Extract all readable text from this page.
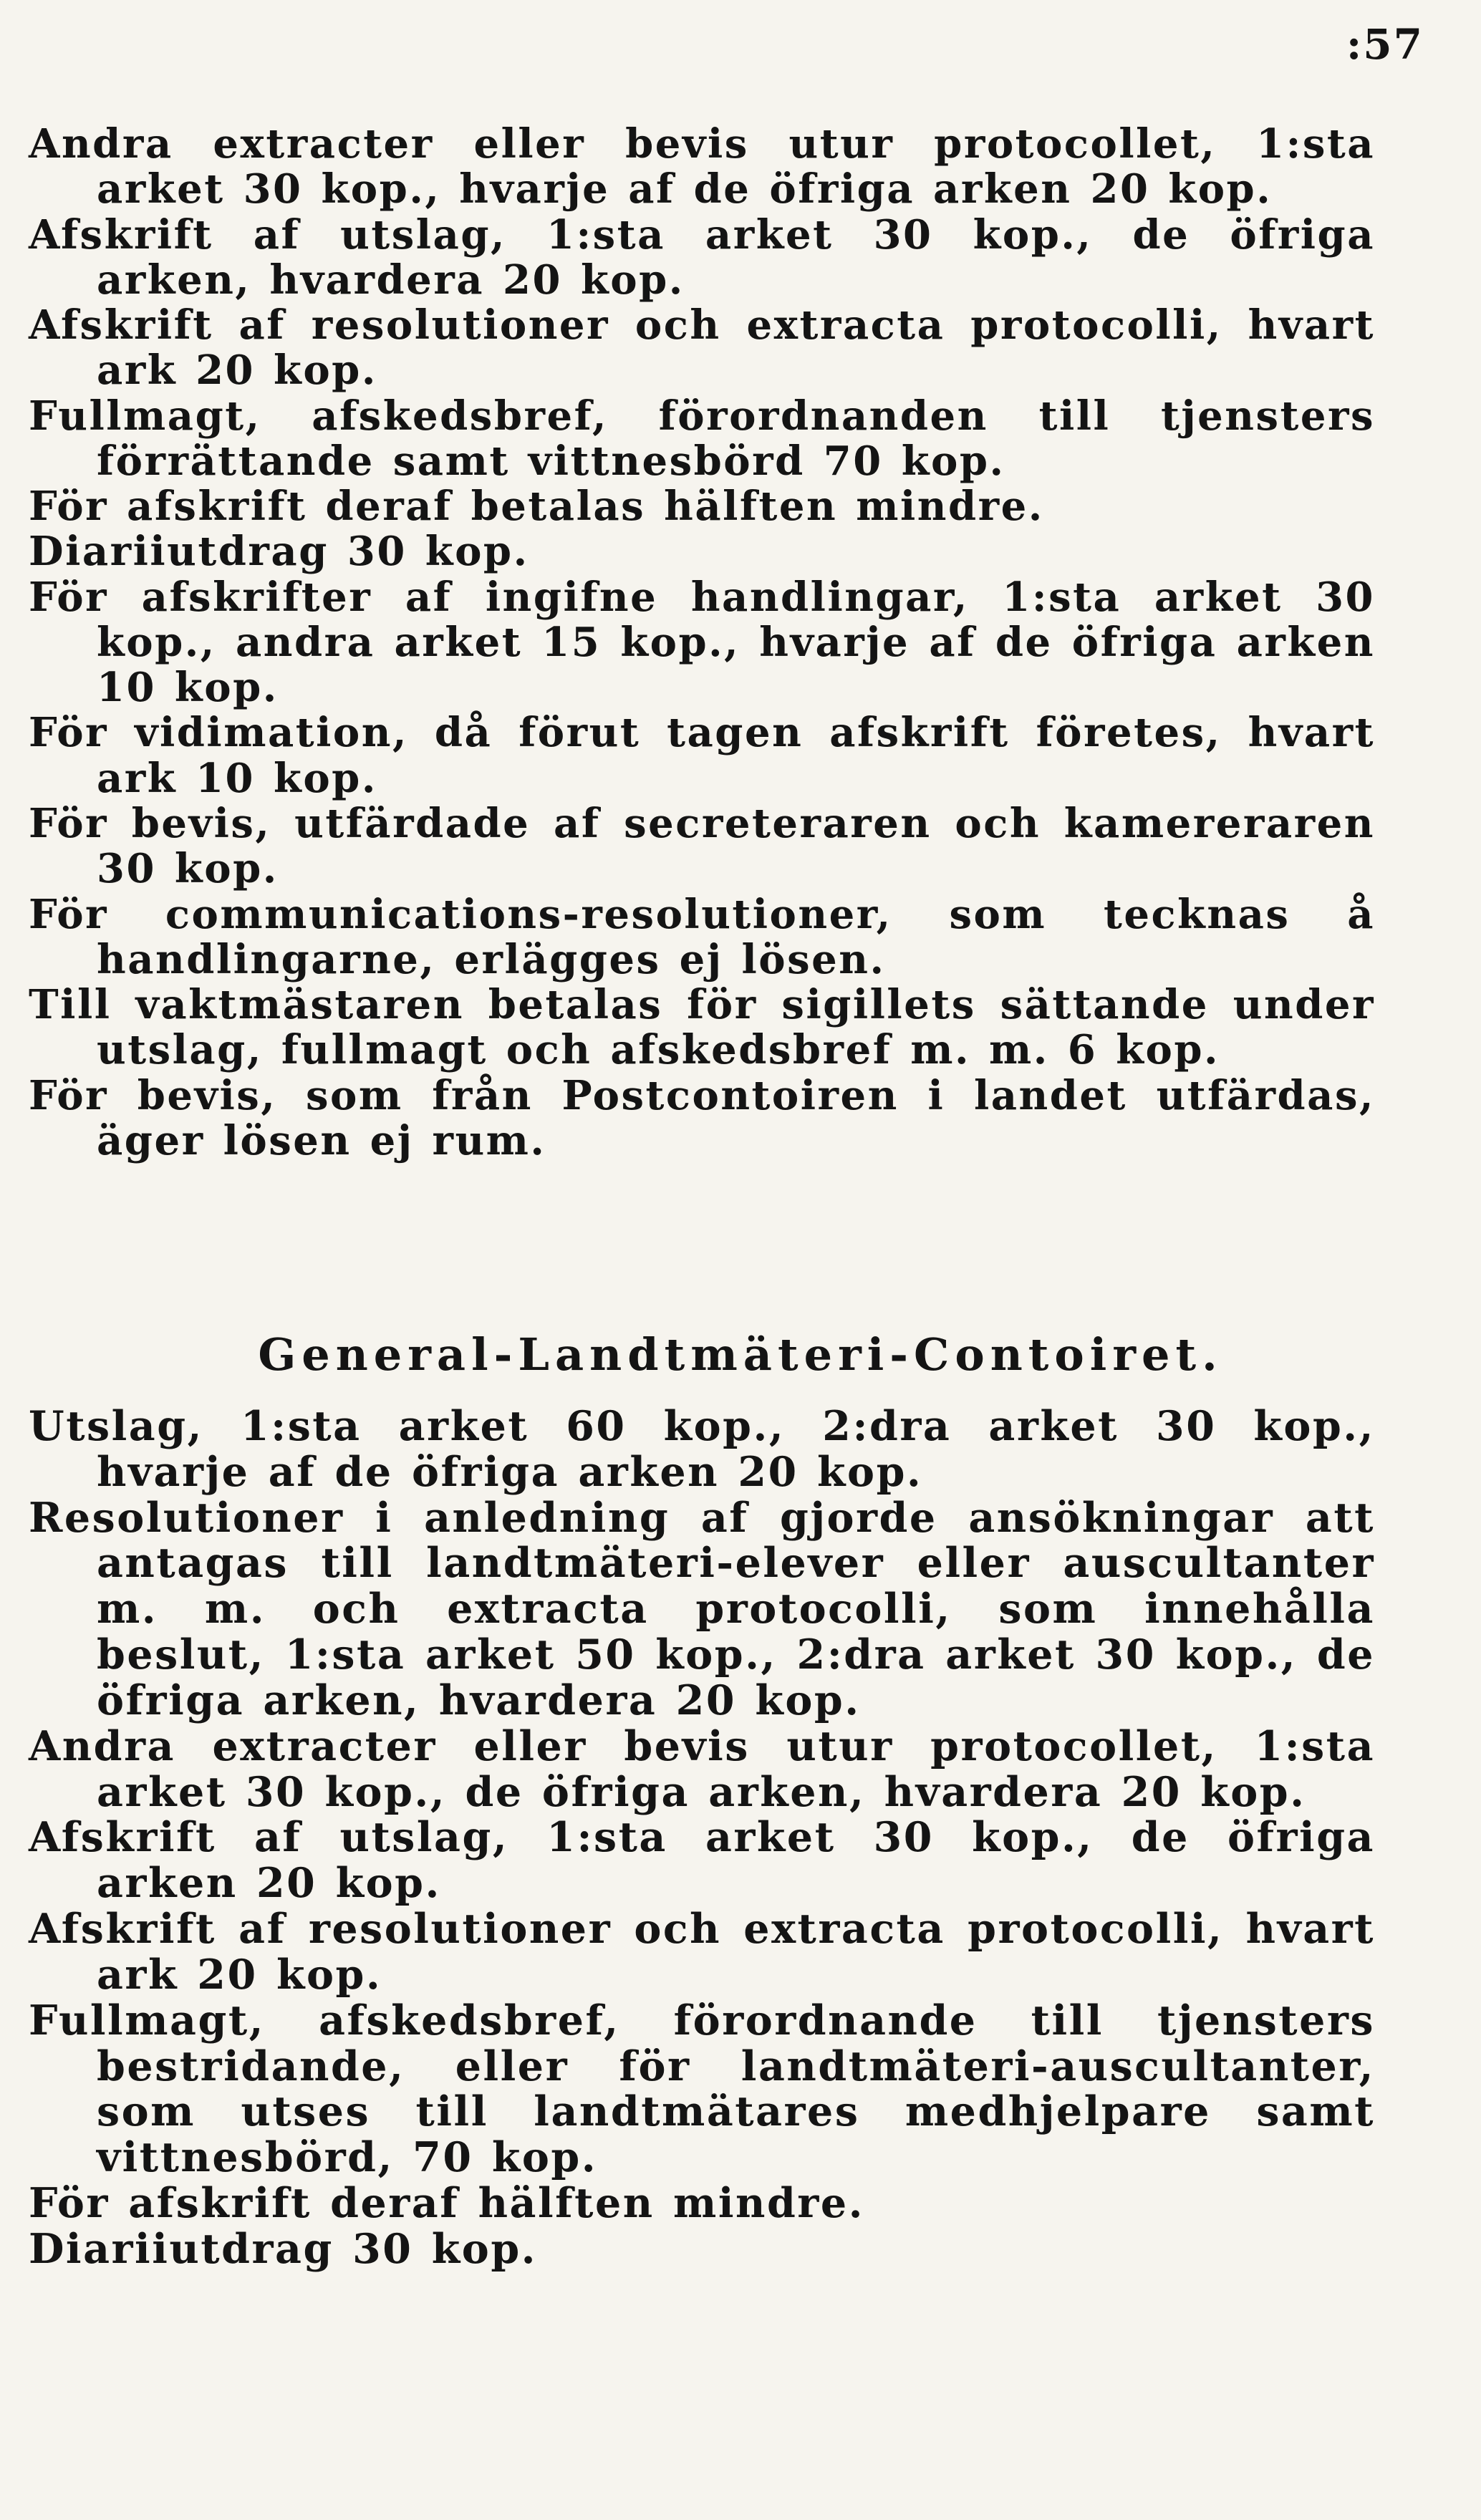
:57

Andra extracter eller bevis utur protocollet, 1:sta arket 30 kop., hvarje af de öfriga arken 20 kop.

Afskrift af utslag, 1:sta arket 30 kop., de öfriga arken, hvardera 20 kop.

Afskrift af resolutioner och extracta protocolli, hvart ark 20 kop.

Fullmagt, afskedsbref, förordnanden till tjensters förrättande samt vittnesbörd 70 kop.

För afskrift deraf betalas hälften mindre.

Diariiutdrag 30 kop.

För afskrifter af ingifne handlingar, 1:sta arket 30 kop., andra arket 15 kop., hvarje af de öfriga arken 10 kop.

För vidimation, då förut tagen afskrift företes, hvart ark 10 kop.

För bevis, utfärdade af secreteraren och kamereraren 30 kop.

För communications-resolutioner, som tecknas å handlingarne, erlägges ej lösen.

Till vaktmästaren betalas för sigillets sättande under utslag, fullmagt och afskedsbref m. m. 6 kop.

För bevis, som från Postcontoiren i landet utfärdas, äger lösen ej rum.

General-Landtmäteri-Contoiret.

Utslag, 1:sta arket 60 kop., 2:dra arket 30 kop., hvarje af de öfriga arken 20 kop.

Resolutioner i anledning af gjorde ansökningar att antagas till landtmäteri-elever eller auscultanter m. m. och extracta protocolli, som innehålla beslut, 1:sta arket 50 kop., 2:dra arket 30 kop., de öfriga arken, hvardera 20 kop.

Andra extracter eller bevis utur protocollet, 1:sta arket 30 kop., de öfriga arken, hvardera 20 kop.

Afskrift af utslag, 1:sta arket 30 kop., de öfriga arken 20 kop.

Afskrift af resolutioner och extracta protocolli, hvart ark 20 kop.

Fullmagt, afskedsbref, förordnande till tjensters bestridande, eller för landtmäteri-auscultanter, som utses till landtmätares medhjelpare samt vittnesbörd, 70 kop.

För afskrift deraf hälften mindre.

Diariiutdrag 30 kop.
